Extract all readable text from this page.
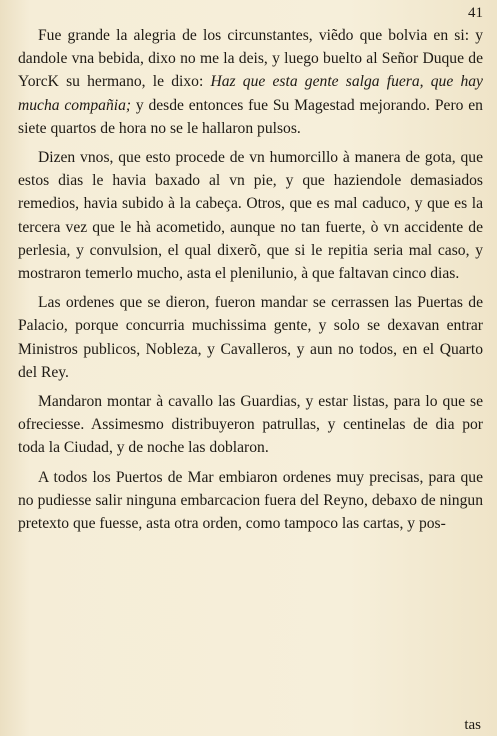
41

Fue grande la alegria de los circunstantes, viẽdo que bolvia en si: y dandole vna bebida, dixo no me la deis, y luego buelto al Señor Duque de YorcK su hermano, le dixo: Haz que esta gente salga fuera, que hay mucha compañia; y desde entonces fue Su Magestad mejorando. Pero en siete quartos de hora no se le hallaron pulsos.

Dizen vnos, que esto procede de vn humorcillo à manera de gota, que estos dias le havia baxado al vn pie, y que haziendole demasiados remedios, havia subido à la cabeça. Otros, que es mal caduco, y que es la tercera vez que le hà acometido, aunque no tan fuerte, ò vn accidente de perlesia, y convulsion, el qual dixerõ, que si le repitia seria mal caso, y mostraron temerlo mucho, asta el plenilunio, à que faltavan cinco dias.

Las ordenes que se dieron, fueron mandar se cerrassen las Puertas de Palacio, porque concurria muchissima gente, y solo se dexavan entrar Ministros publicos, Nobleza, y Cavalleros, y aun no todos, en el Quarto del Rey.

Mandaron montar à cavallo las Guardias, y estar listas, para lo que se ofreciesse. Assimesmo distribuyeron patrullas, y centinelas de dia por toda la Ciudad, y de noche las doblaron.

A todos los Puertos de Mar embiaron ordenes muy precisas, para que no pudiesse salir ninguna embarcacion fuera del Reyno, debaxo de ningun pretexto que fuesse, asta otra orden, como tampoco las cartas, y pos-

tas
